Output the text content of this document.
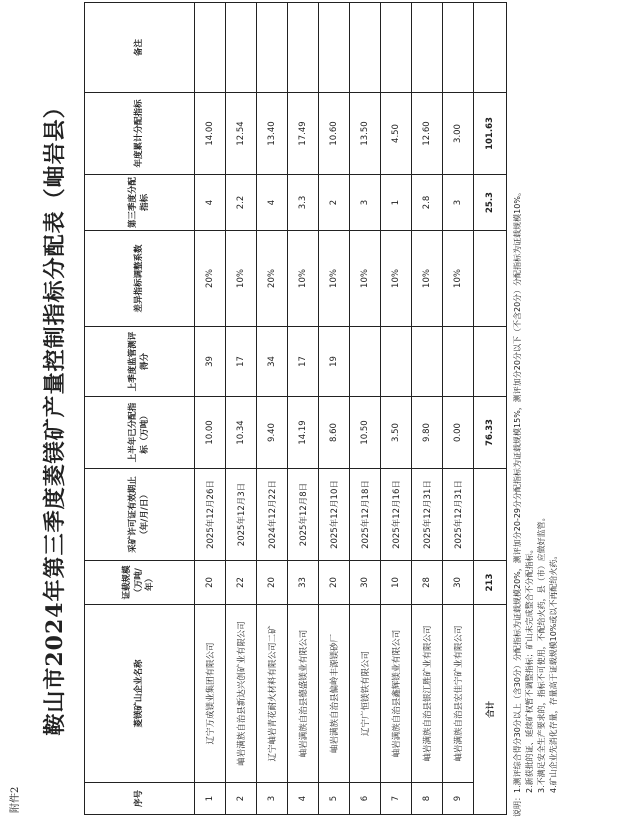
附件2
鞍山市2024年第三季度菱镁矿产量控制指标分配表（岫岩县）
序号	菱镁矿山企业名称	证载规模（万吨/年）	采矿许可证有效期止（年/月/日）	上半年已分配指标（万吨）	上季度监管测评得分	差异指标调整系数	第三季度分配指标	年度累计分配指标	备注
1	辽宁万成镁业集团有限公司	20	2025年12月26日	10.00	39	20%	4	14.00	
2	岫岩满族自治县新达兴创矿业有限公司	22	2025年12月3日	10.34	17	10%	2.2	12.54	
3	辽宁岫岩青花耐火材料有限公司二矿	20	2024年12月22日	9.40	34	20%	4	13.40	
4	岫岩满族自治县德盛镁业有限公司	33	2025年12月8日	14.19	17	10%	3.3	17.49	
5	岫岩满族自治县偏岭丰源镁砂厂	20	2025年12月10日	8.60	19	10%	2	10.60	
6	辽宁广恒镁铁有限公司	30	2025年12月18日	10.50		10%	3	13.50	
7	岫岩满族自治县鑫辉镁业有限公司	10	2025年12月16日	3.50		10%	1	4.50	
8	岫岩满族自治县银江胜矿业有限公司	28	2025年12月31日	9.80		10%	2.8	12.60	
9	岫岩满族自治县宏佳宁矿业有限公司	30	2025年12月31日	0.00		10%	3	3.00	
合计		213		76.33			25.3	101.63	
说明：1.测评综合得分30分以上（含30分）分配指标为证载规模20%，测评加分20-29分分配指标为证载规模15%，测评加分20分以下（不含20分）分配指标为证载规模10%。 2.新获批的证、延续矿权暂不调整指标；矿山未完成整合不分配指标。 3.不满足安全生产要求的，指标不可使用，不配给火药，县（市）应做好监管。 4.矿山企业先消化存量，存量高于证载规模10%或以不再配给火药。
